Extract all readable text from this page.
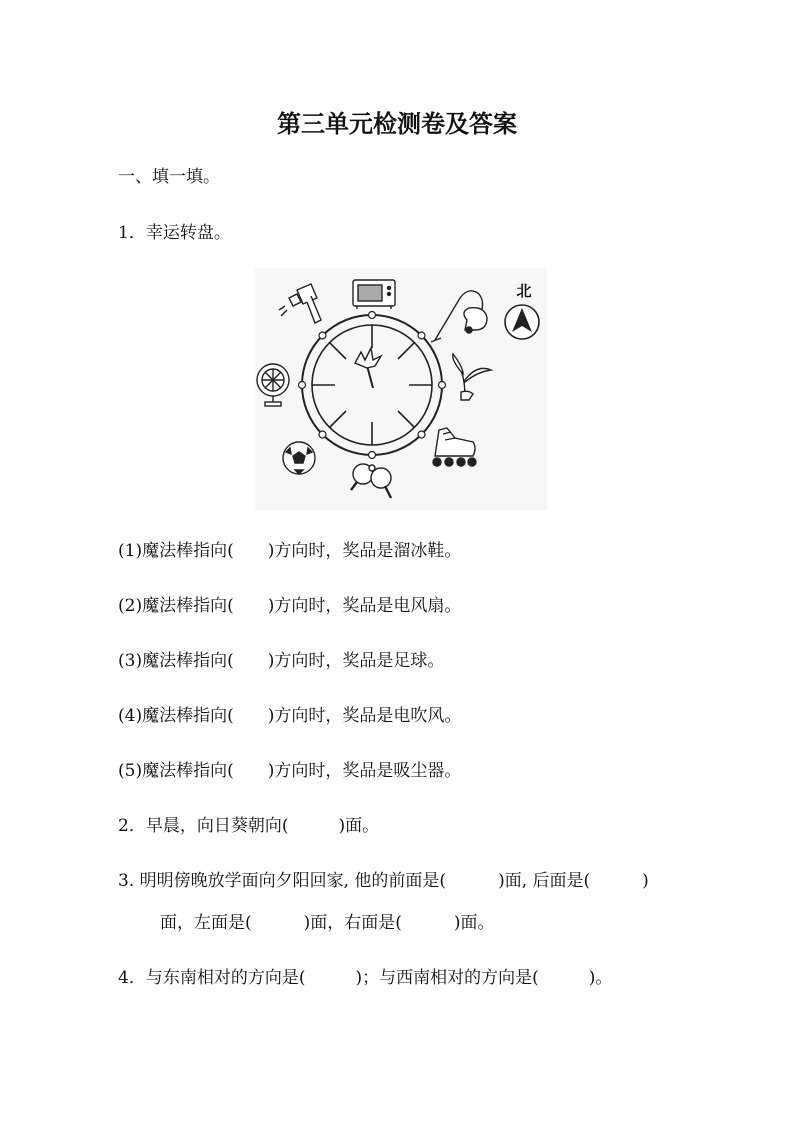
第三单元检测卷及答案
一、填一填。
1．幸运转盘。
北
(1)魔法棒指向( )方向时，奖品是溜冰鞋。
(2)魔法棒指向( )方向时，奖品是电风扇。
(3)魔法棒指向( )方向时，奖品是足球。
(4)魔法棒指向( )方向时，奖品是电吹风。
(5)魔法棒指向( )方向时，奖品是吸尘器。
2．早晨，向日葵朝向(	)面。
3. 明明傍晚放学面向夕阳回家, 他的前面是(	)面, 后面是(	)
面，左面是(	)面，右面是(	)面。
4．与东南相对的方向是(	)；与西南相对的方向是(	)。
